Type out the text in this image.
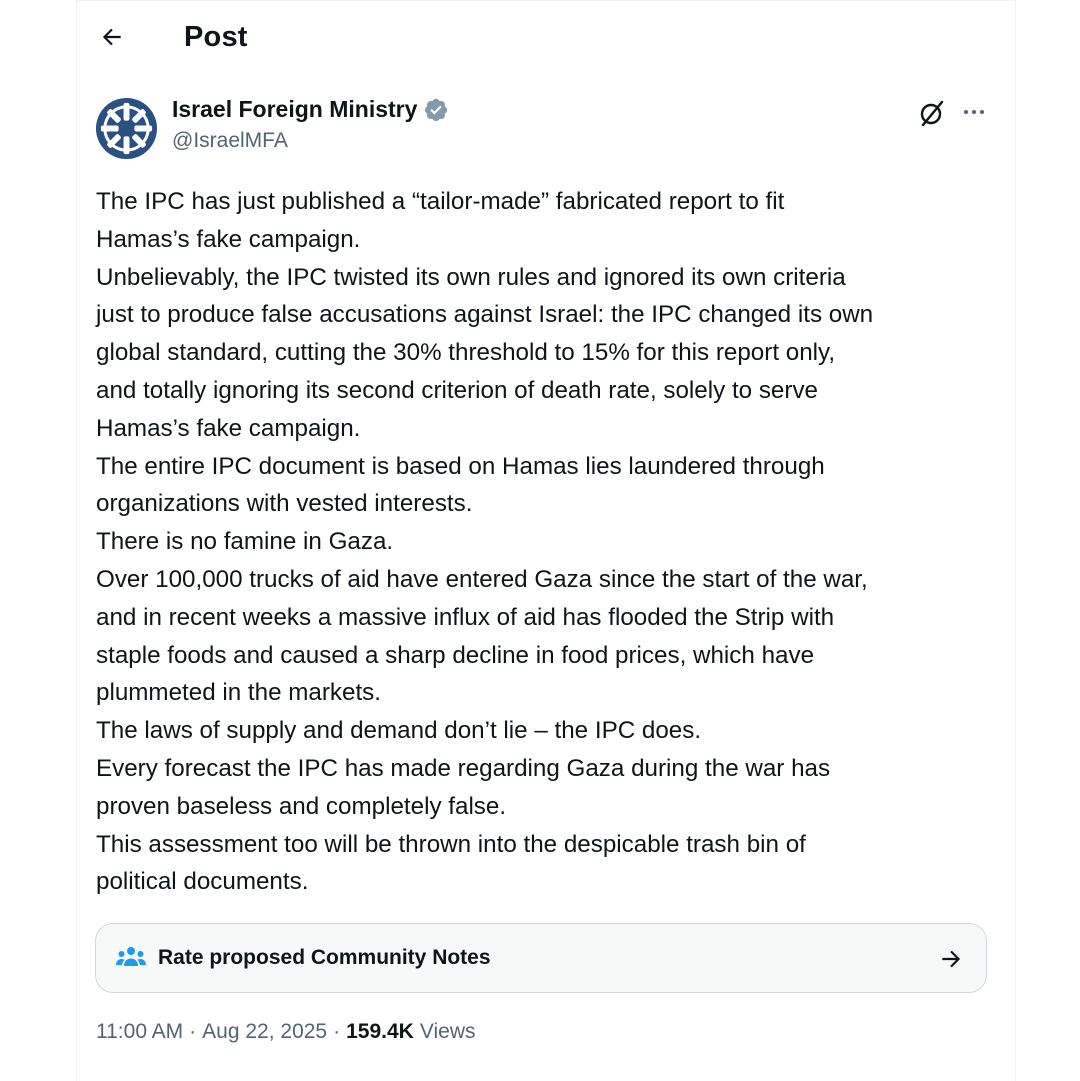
Post
Israel Foreign Ministry
@IsraelMFA
The IPC has just published a “tailor-made” fabricated report to fit
Hamas’s fake campaign.
Unbelievably, the IPC twisted its own rules and ignored its own criteria
just to produce false accusations against Israel: the IPC changed its own
global standard, cutting the 30% threshold to 15% for this report only,
and totally ignoring its second criterion of death rate, solely to serve
Hamas’s fake campaign.
The entire IPC document is based on Hamas lies laundered through
organizations with vested interests.
There is no famine in Gaza.
Over 100,000 trucks of aid have entered Gaza since the start of the war,
and in recent weeks a massive influx of aid has flooded the Strip with
staple foods and caused a sharp decline in food prices, which have
plummeted in the markets.
The laws of supply and demand don’t lie – the IPC does.
Every forecast the IPC has made regarding Gaza during the war has
proven baseless and completely false.
This assessment too will be thrown into the despicable trash bin of
political documents.
Rate proposed Community Notes
11:00 AM · Aug 22, 2025 · 159.4K Views
